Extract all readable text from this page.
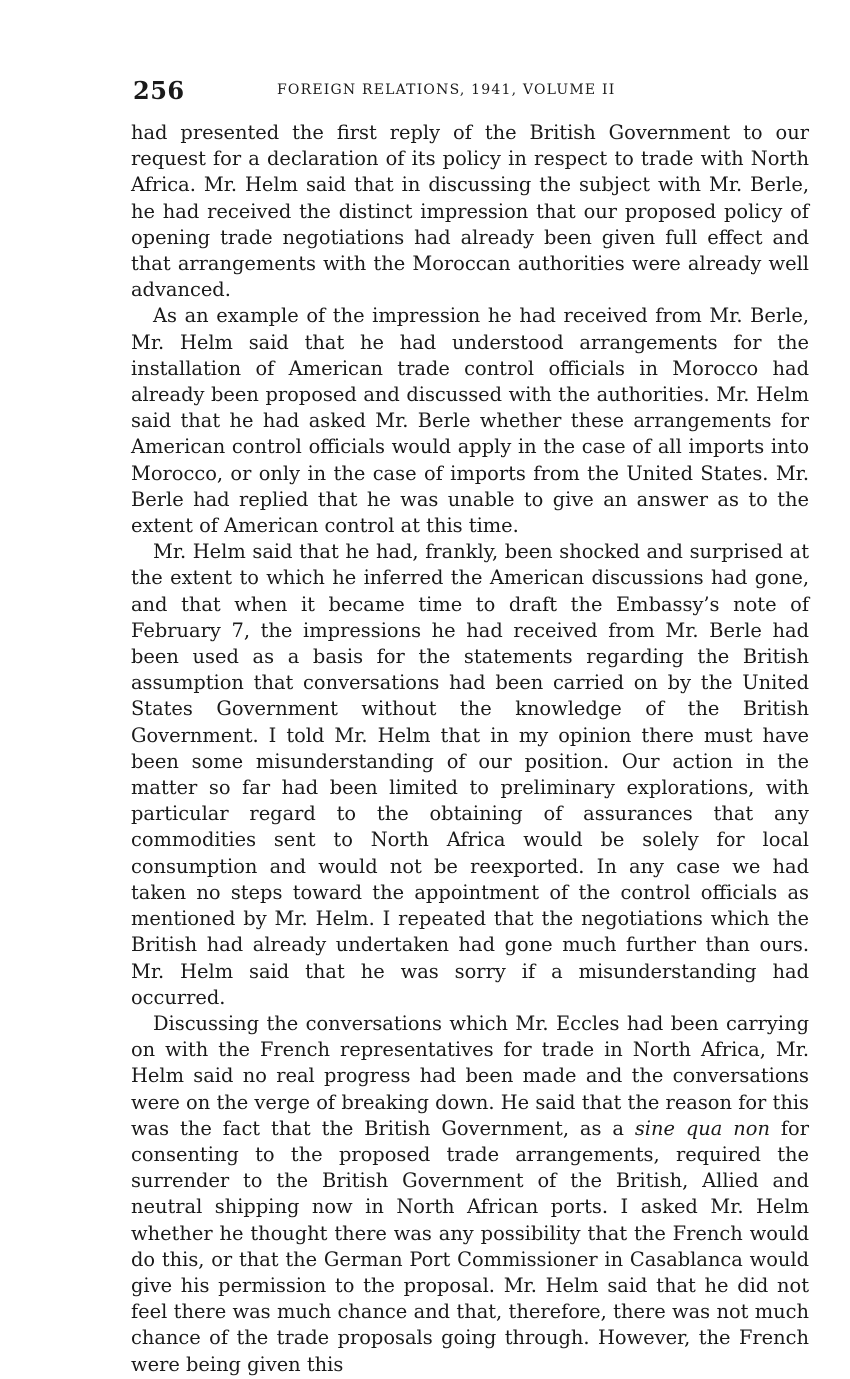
256	FOREIGN RELATIONS, 1941, VOLUME II

had presented the first reply of the British Government to our request for a declaration of its policy in respect to trade with North Africa. Mr. Helm said that in discussing the subject with Mr. Berle, he had received the distinct impression that our proposed policy of opening trade negotiations had already been given full effect and that arrangements with the Moroccan authorities were already well advanced.

As an example of the impression he had received from Mr. Berle, Mr. Helm said that he had understood arrangements for the installation of American trade control officials in Morocco had already been proposed and discussed with the authorities. Mr. Helm said that he had asked Mr. Berle whether these arrangements for American control officials would apply in the case of all imports into Morocco, or only in the case of imports from the United States. Mr. Berle had replied that he was unable to give an answer as to the extent of American control at this time.

Mr. Helm said that he had, frankly, been shocked and surprised at the extent to which he inferred the American discussions had gone, and that when it became time to draft the Embassy’s note of February 7, the impressions he had received from Mr. Berle had been used as a basis for the statements regarding the British assumption that conversations had been carried on by the United States Government without the knowledge of the British Government. I told Mr. Helm that in my opinion there must have been some misunderstanding of our position. Our action in the matter so far had been limited to preliminary explorations, with particular regard to the obtaining of assurances that any commodities sent to North Africa would be solely for local consumption and would not be reexported. In any case we had taken no steps toward the appointment of the control officials as mentioned by Mr. Helm. I repeated that the negotiations which the British had already undertaken had gone much further than ours. Mr. Helm said that he was sorry if a misunderstanding had occurred.

Discussing the conversations which Mr. Eccles had been carrying on with the French representatives for trade in North Africa, Mr. Helm said no real progress had been made and the conversations were on the verge of breaking down. He said that the reason for this was the fact that the British Government, as a sine qua non for consenting to the proposed trade arrangements, required the surrender to the British Government of the British, Allied and neutral shipping now in North African ports. I asked Mr. Helm whether he thought there was any possibility that the French would do this, or that the German Port Commissioner in Casablanca would give his permission to the proposal. Mr. Helm said that he did not feel there was much chance and that, therefore, there was not much chance of the trade proposals going through. However, the French were being given this
